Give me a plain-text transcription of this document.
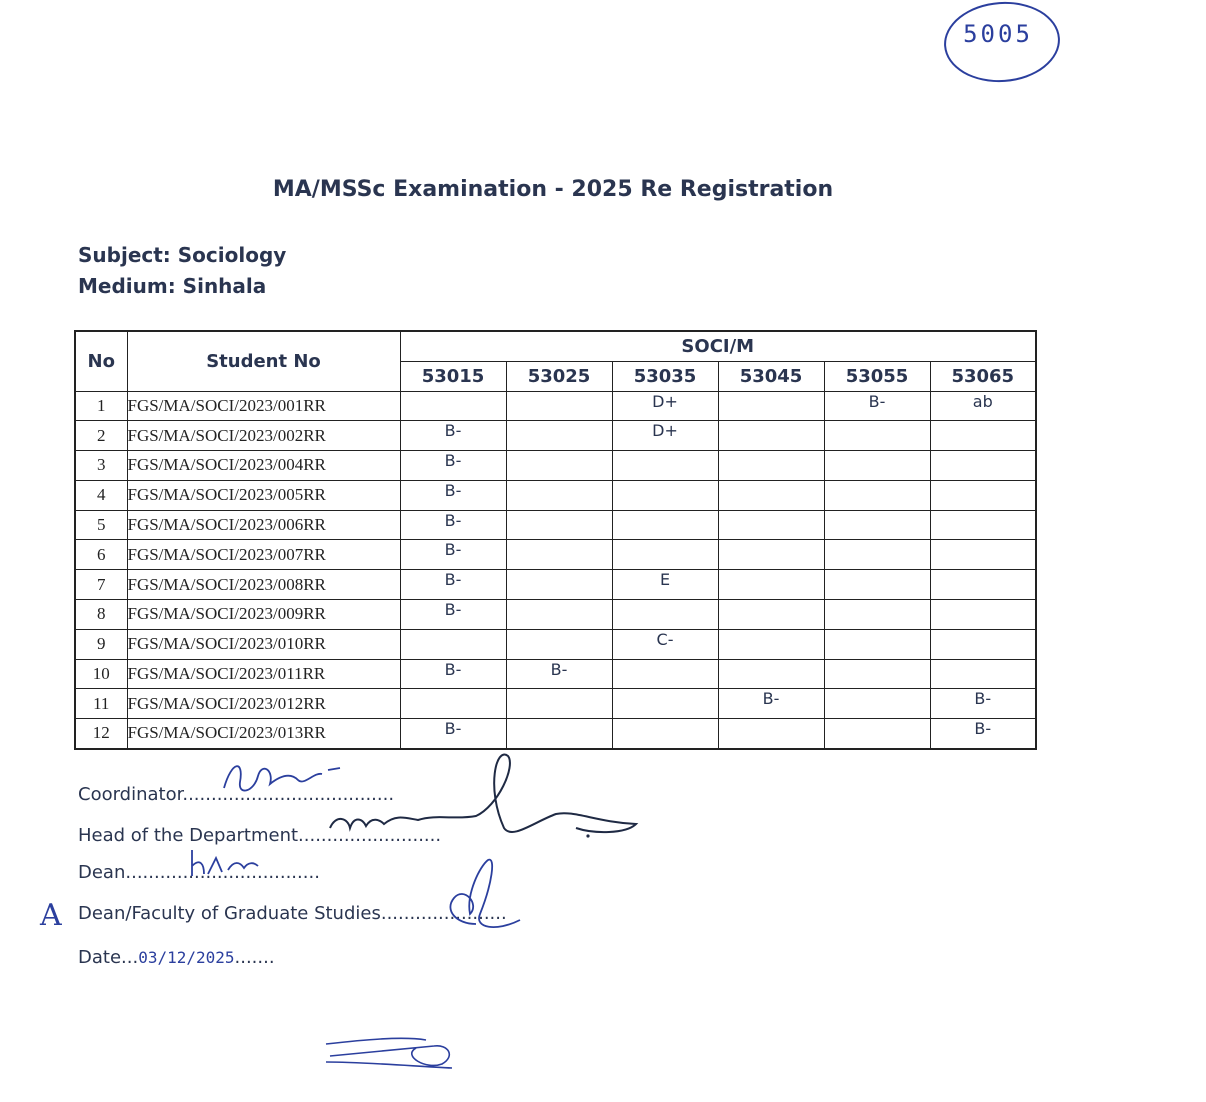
5005
MA/MSSc Examination - 2025 Re Registration
Subject: Sociology
Medium: Sinhala
No	Student No	SOCI/M					
		53015	53025	53035	53045	53055	53065
1	FGS/MA/SOCI/2023/001RR			D+		B-	ab
2	FGS/MA/SOCI/2023/002RR	B-		D+			
3	FGS/MA/SOCI/2023/004RR	B-					
4	FGS/MA/SOCI/2023/005RR	B-					
5	FGS/MA/SOCI/2023/006RR	B-					
6	FGS/MA/SOCI/2023/007RR	B-					
7	FGS/MA/SOCI/2023/008RR	B-		E			
8	FGS/MA/SOCI/2023/009RR	B-					
9	FGS/MA/SOCI/2023/010RR			C-			
10	FGS/MA/SOCI/2023/011RR	B-	B-				
11	FGS/MA/SOCI/2023/012RR				B-		B-
12	FGS/MA/SOCI/2023/013RR	B-					B-
Coordinator.....................................
Head of the Department.........................
Dean..................................
Dean/Faculty of Graduate Studies......................
Date...03/12/2025.......
A
